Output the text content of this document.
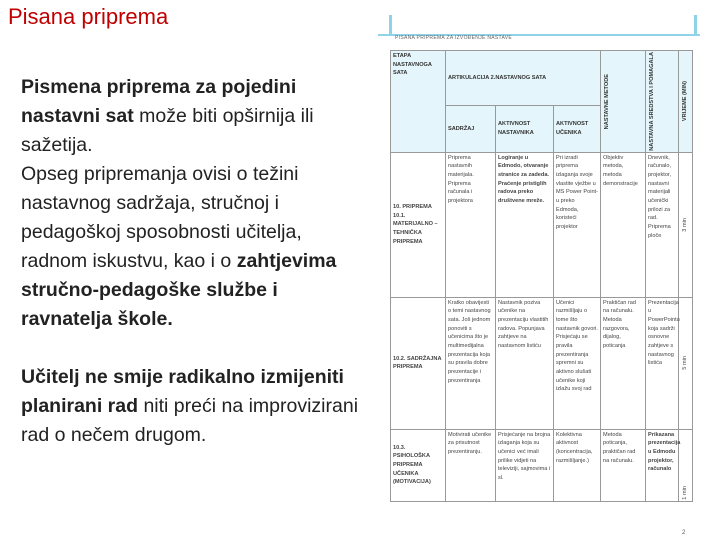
Pisana priprema

Pismena priprema za pojedini nastavni sat može biti opširnija ili sažetija.

Opseg pripremanja ovisi o težini nastavnog sadržaja, stručnoj i pedagoškoj sposobnosti učitelja, radnom iskustvu, kao i o zahtjevima stručno-pedagoške službe i ravnatelja škole.

Učitelj ne smije radikalno izmijeniti planirani rad niti preći na improvizirani rad o nečem drugom.

PISANA PRIPREMA ZA IZVOĐENJE NASTAVE
ETAPA NASTAVNOGA SATA	ARTIKULACIJA 2.NASTAVNOG SATA			NASTAVNE METODE	NASTAVNA SREDSTVA I POMAGALA	VRIJEME (MIN)

	SADRŽAJ	AKTIVNOST NASTAVNIKA	AKTIVNOST UČENIKA			
10. PRIPREMA 10.1. MATERIJALNO – TEHNIČKA PRIPREMA	Priprema nastavnih materijala. Priprema računala i projektora	Logiranje u Edmodo, otvaranje stranice za zadeda. Praćenje pristiglih radova preko društvene mreže.	Pri izradi priprema izlaganja svoje vlastite vježbe u MS Power Point-u preko Edmoda, koristeći projektor	Objektiv metoda, metoda demonstracije	Dnevnik, računalo, projektor, nastavni materijali učenički prilozi za rad. Priprema ploče	3 min

10.2. SADRŽAJNA PRIPREMA	Kratko obavijesti o temi nastavnog sata. Još jednom ponoviti s učenicima što je multimedijalna prezentacija koja su pravila dobre prezentacije i prezentiranja	Nastavnik poziva učenike na prezentaciju vlastitih radova. Popunjava zahtjeve na nastavnom listiću	Učenici razmišljaju o tome što nastavnik govori. Prisjećaju se pravila prezentiranja spremni su aktivno slušati učenike koji izlažu svoj rad	Praktičan rad na računalu. Metoda razgovora, dijalog, poticanja	Prezentacija u PowerPointu koja sadrži osnovne zahtjeve s nastavnog listića	5 min

10.3. PSIHOLOŠKA PRIPREMA UČENIKA (MOTIVACIJA)	Motivirati učenike za prisutnost prezentiranju.	Prisjećanje na brojna izlaganja koja su učenici već imali prilike vidjeti na televiziji, sajmovima i sl.	Kolektivna aktivnost (koncentracija, razmišljanje.)	Metoda poticanja, praktičan rad na računalu.	Prikazana prezentacija u Edmodu projektor, računalo	1 min
2
